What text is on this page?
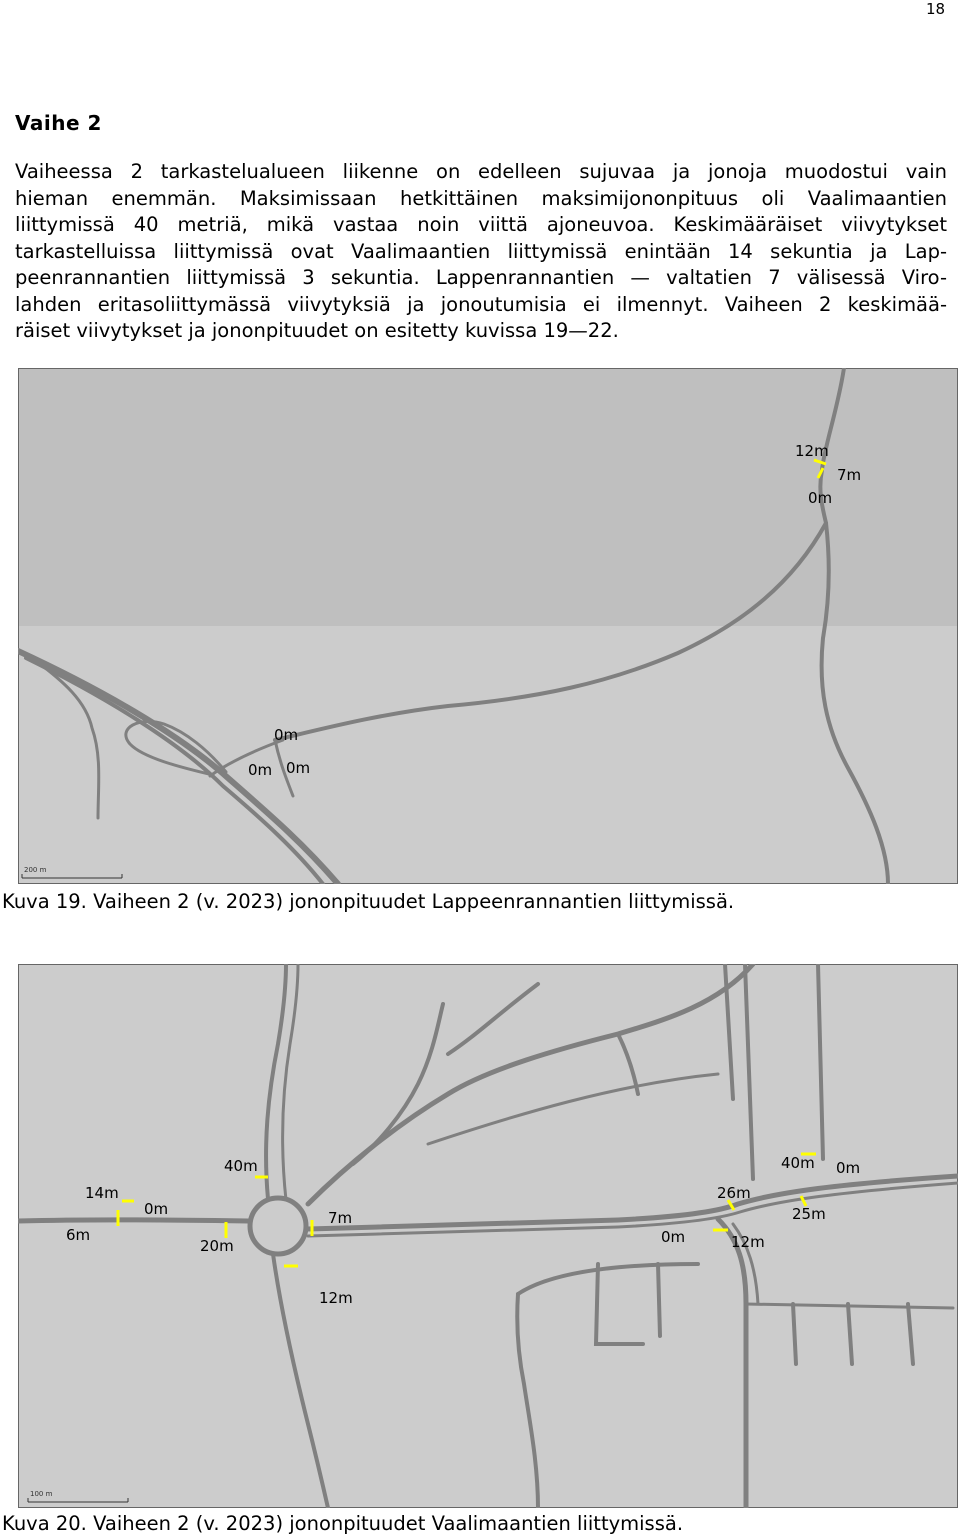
18
Vaihe 2
Vaiheessa 2 tarkastelualueen liikenne on edelleen sujuvaa ja jonoja muodostui vain
hieman enemmän. Maksimissaan hetkittäinen maksimijononpituus oli Vaalimaantien
liittymissä 40 metriä, mikä vastaa noin viittä ajoneuvoa. Keskimääräiset viivytykset
tarkastelluissa liittymissä ovat Vaalimaantien liittymissä enintään 14 sekuntia ja Lap-
peenrannantien liittymissä 3 sekuntia. Lappenrannantien — valtatien 7 välisessä Viro-
lahden eritasoliittymässä viivytyksiä ja jonoutumisia ei ilmennyt. Vaiheen 2 keskimää-
räiset viivytykset ja jononpituudet on esitetty kuvissa 19—22.
200 m
12m
7m
0m
0m
0m 0m
Kuva 19. Vaiheen 2 (v. 2023) jononpituudet Lappeenrannantien liittymissä.
100 m
14m
0m
6m
40m
20m
7m
12m
40m 0m
26m
25m
0m	12m
Kuva 20. Vaiheen 2 (v. 2023) jononpituudet Vaalimaantien liittymissä.
